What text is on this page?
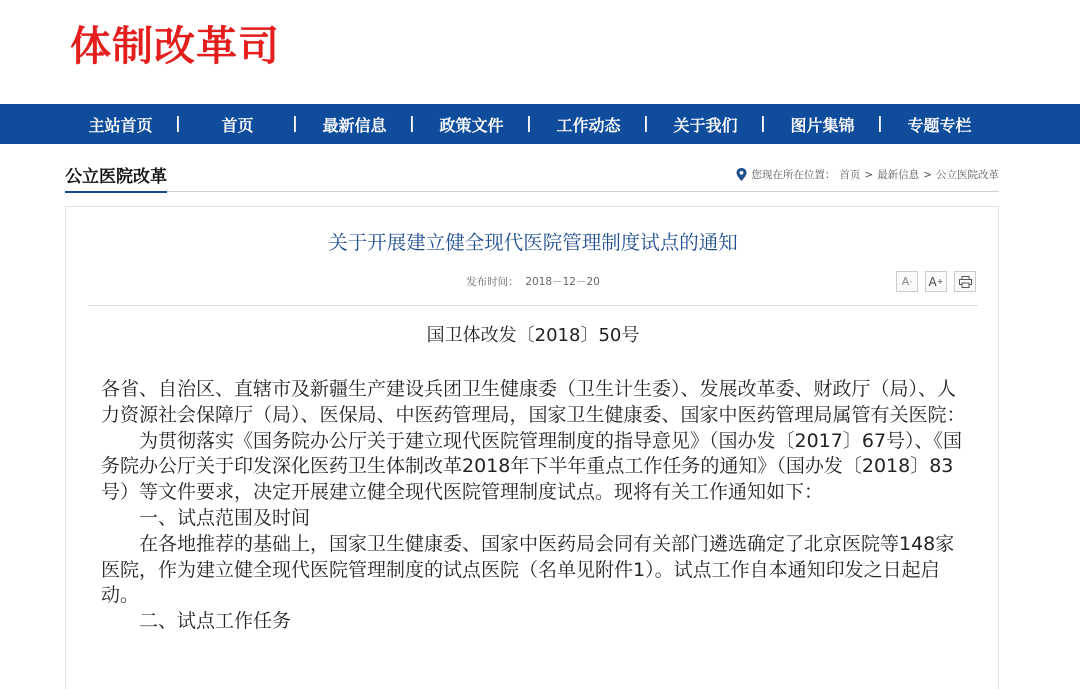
体制改革司
主站首页	|	首页	|	最新信息	|	政策文件	|	工作动态	|	关于我们	|	图片集锦	|	专题专栏
公立医院改革	您现在所在位置： 首页 > 最新信息 > 公立医院改革
关于开展建立健全现代医院管理制度试点的通知
发布时间： 2018－12－20	A - A +
国卫体改发〔2018〕50号

各省、自治区、直辖市及新疆生产建设兵团卫生健康委（卫生计生委）、发展改革委、财政厅（局）、人力资源社会保障厅（局）、医保局、中医药管理局，国家卫生健康委、国家中医药管理局属管有关医院：

为贯彻落实《国务院办公厅关于建立现代医院管理制度的指导意见》（国办发〔2017〕67号）、《国务院办公厅关于印发深化医药卫生体制改革2018年下半年重点工作任务的通知》（国办发〔2018〕83号）等文件要求，决定开展建立健全现代医院管理制度试点。现将有关工作通知如下：

一、试点范围及时间

在各地推荐的基础上，国家卫生健康委、国家中医药局会同有关部门遴选确定了北京医院等148家医院，作为建立健全现代医院管理制度的试点医院（名单见附件1）。试点工作自本通知印发之日起启动。

二、试点工作任务
